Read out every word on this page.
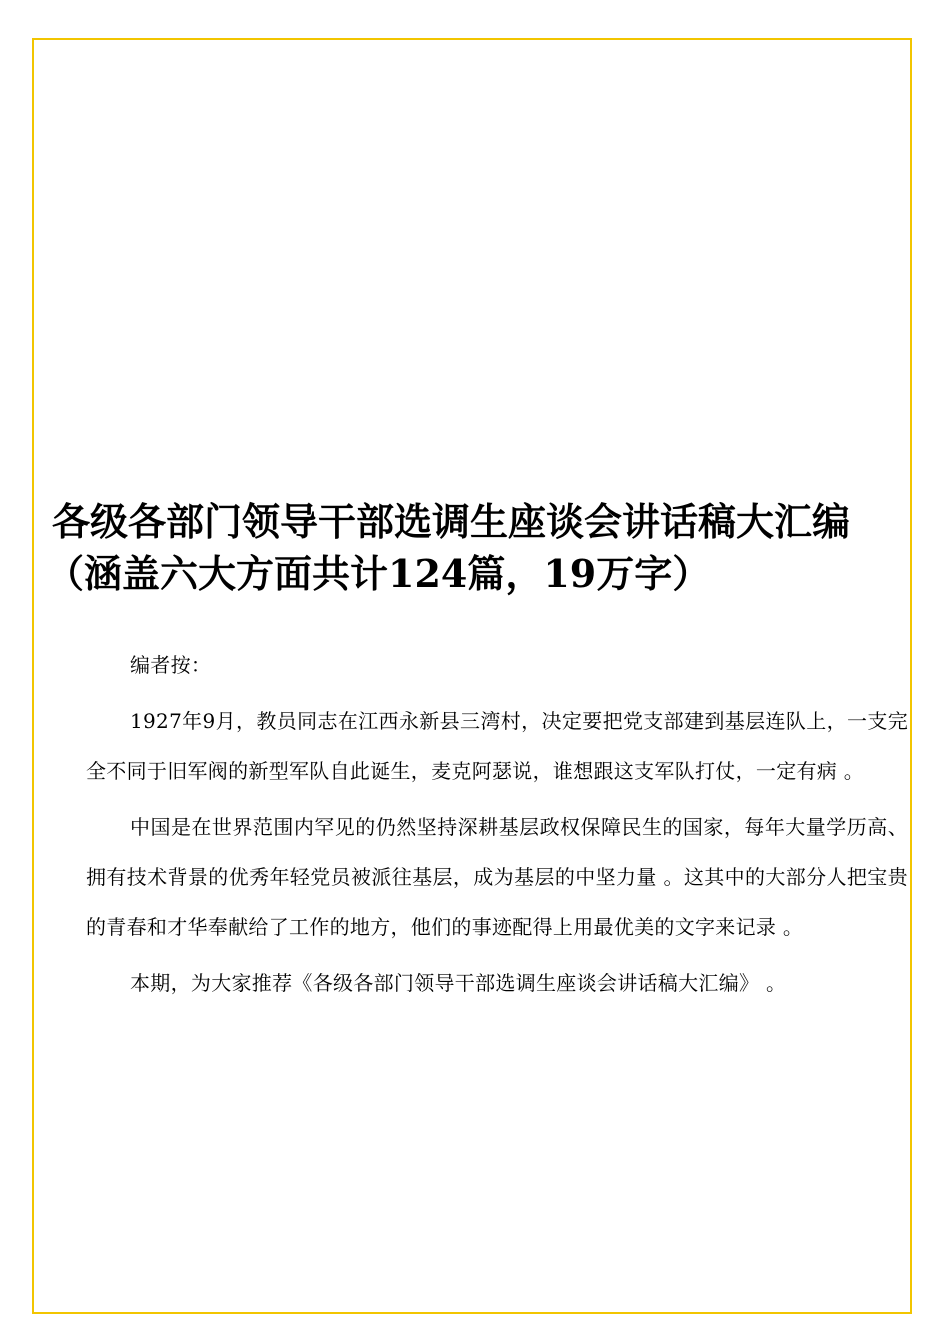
各级各部门领导干部选调生座谈会讲话稿大汇编（涵盖六大方面共计124篇，19万字）

编者按：

1927年9月，教员同志在江西永新县三湾村，决定要把党支部建到基层连队上，一支完全不同于旧军阀的新型军队自此诞生，麦克阿瑟说，谁想跟这支军队打仗，一定有病 。

中国是在世界范围内罕见的仍然坚持深耕基层政权保障民生的国家，每年大量学历高、拥有技术背景的优秀年轻党员被派往基层，成为基层的中坚力量 。这其中的大部分人把宝贵的青春和才华奉献给了工作的地方，他们的事迹配得上用最优美的文字来记录 。

本期，为大家推荐《各级各部门领导干部选调生座谈会讲话稿大汇编》 。
